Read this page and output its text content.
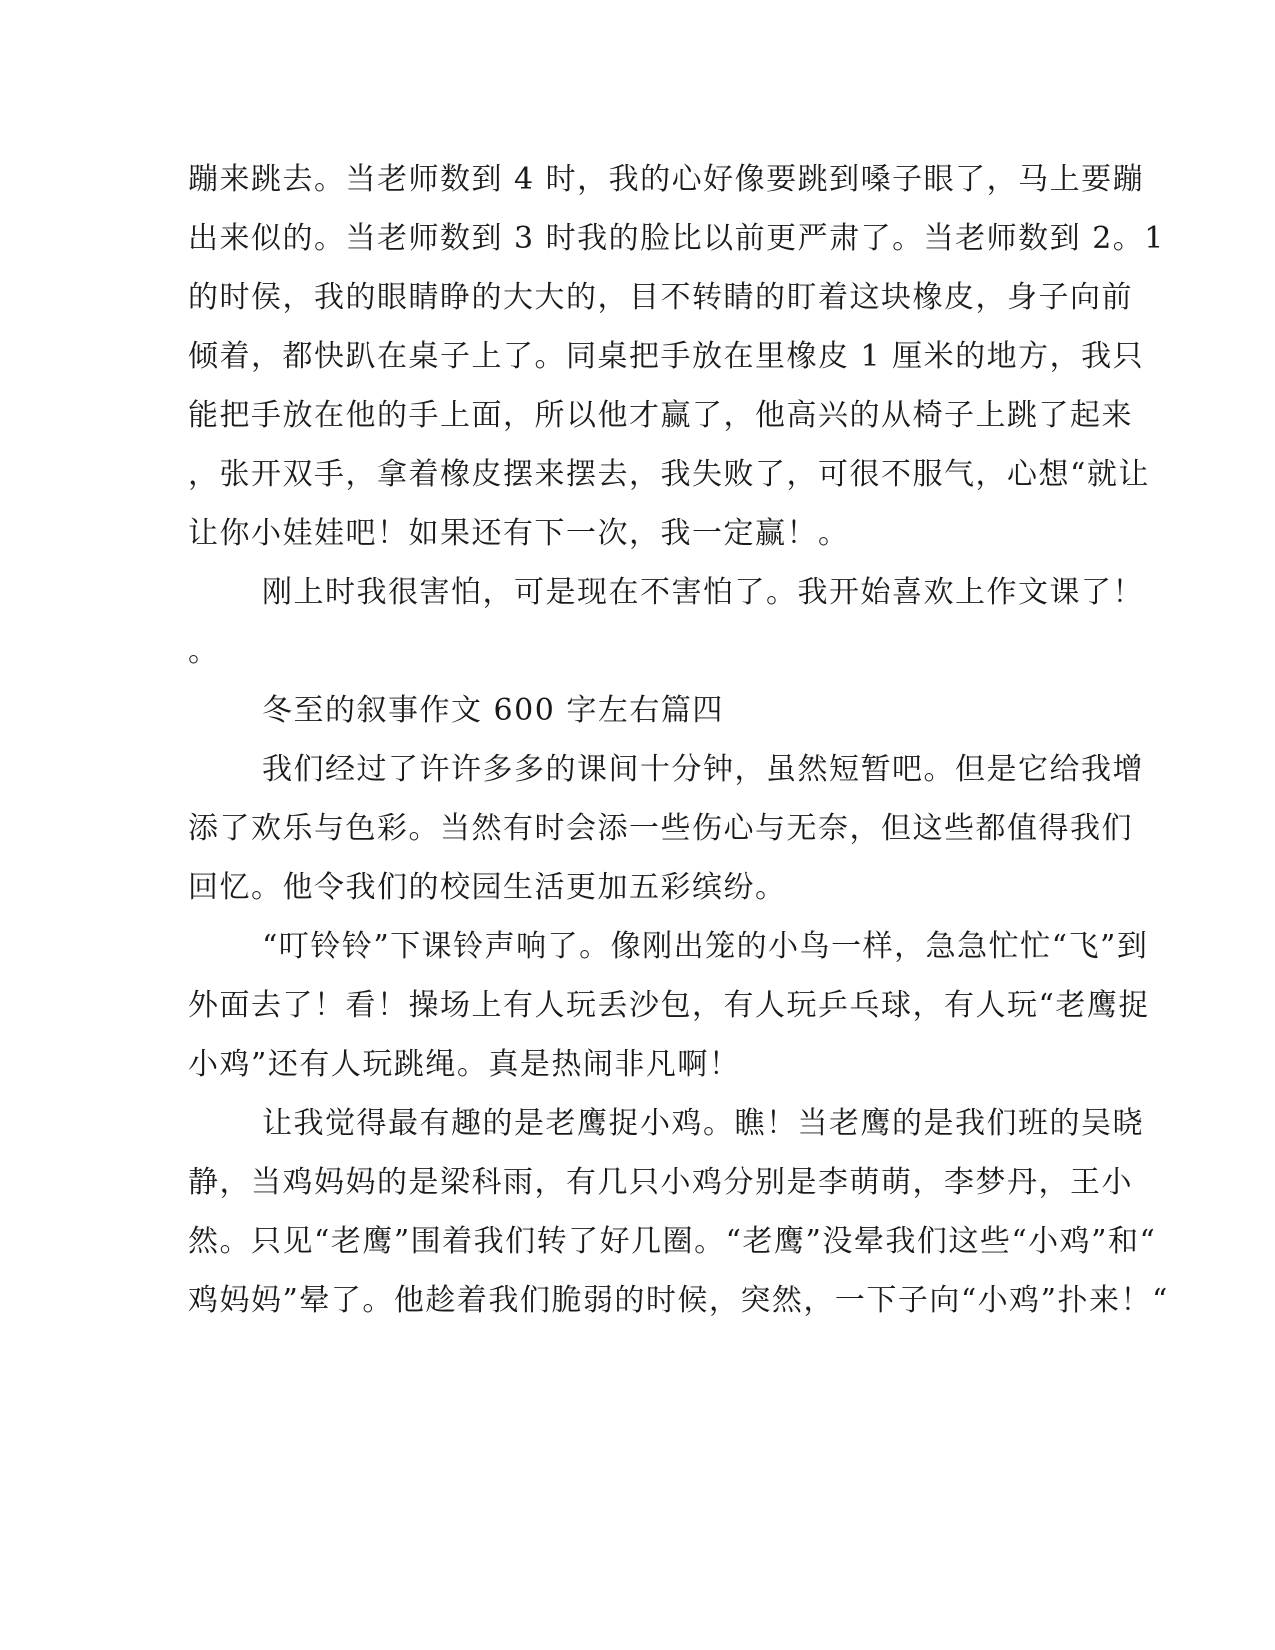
蹦来跳去。当老师数到 4 时，我的心好像要跳到嗓子眼了，马上要蹦
出来似的。当老师数到 3 时我的脸比以前更严肃了。当老师数到 2。1
的时侯，我的眼睛睁的大大的，目不转睛的盯着这块橡皮，身子向前
倾着，都快趴在桌子上了。同桌把手放在里橡皮 1 厘米的地方，我只
能把手放在他的手上面，所以他才赢了，他高兴的从椅子上跳了起来
，张开双手，拿着橡皮摆来摆去，我失败了，可很不服气，心想“就让
让你小娃娃吧！如果还有下一次，我一定赢！。
刚上时我很害怕，可是现在不害怕了。我开始喜欢上作文课了！
。
冬至的叙事作文 600 字左右篇四
我们经过了许许多多的课间十分钟，虽然短暂吧。但是它给我增
添了欢乐与色彩。当然有时会添一些伤心与无奈，但这些都值得我们
回忆。他令我们的校园生活更加五彩缤纷。
“叮铃铃”下课铃声响了。像刚出笼的小鸟一样，急急忙忙“飞”到
外面去了！看！操场上有人玩丢沙包，有人玩乒乓球，有人玩“老鹰捉
小鸡”还有人玩跳绳。真是热闹非凡啊！
让我觉得最有趣的是老鹰捉小鸡。瞧！当老鹰的是我们班的吴晓
静，当鸡妈妈的是梁科雨，有几只小鸡分别是李萌萌，李梦丹，王小
然。只见“老鹰”围着我们转了好几圈。“老鹰”没晕我们这些“小鸡”和“
鸡妈妈”晕了。他趁着我们脆弱的时候，突然，一下子向“小鸡”扑来！“
